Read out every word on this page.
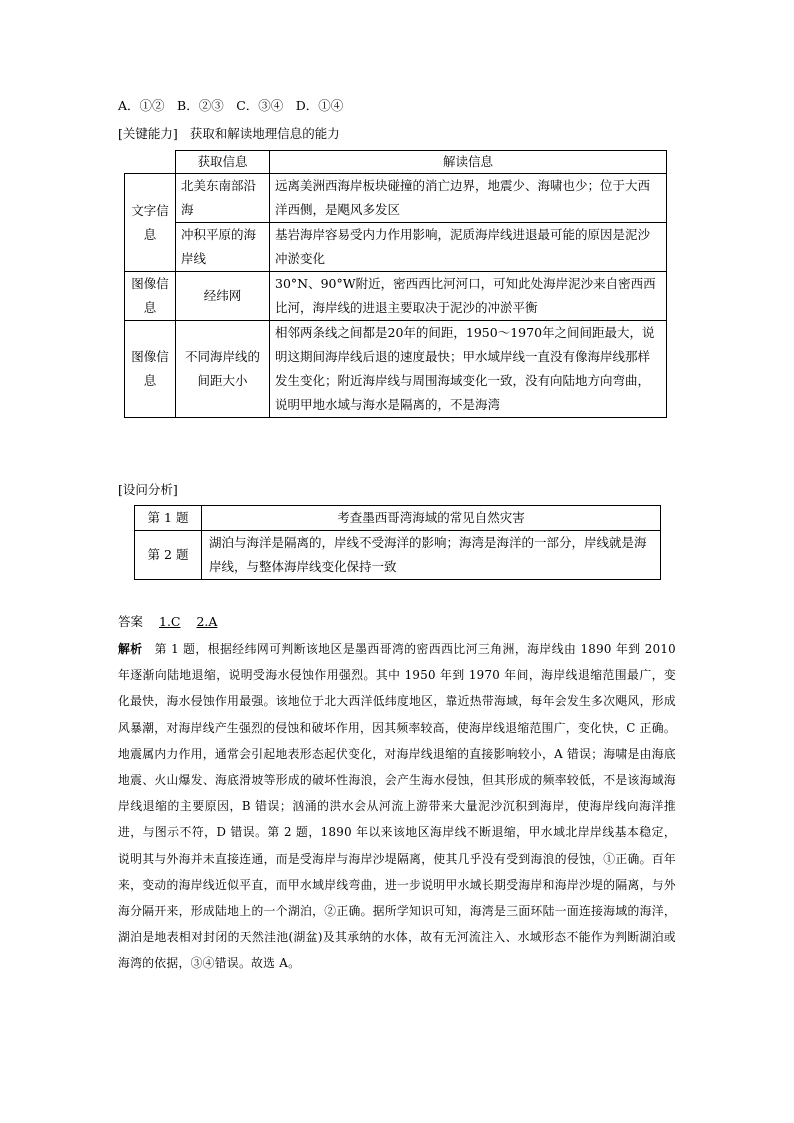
A．①②　B．②③　C．③④　D．①④
[关键能力] 获取和解读地理信息的能力
	获取信息	解读信息
文字信息	北美东南部沿海	远离美洲西海岸板块碰撞的消亡边界，地震少、海啸也少；位于大西洋西侧，是飓风多发区
	冲积平原的海岸线	基岩海岸容易受内力作用影响，泥质海岸线进退最可能的原因是泥沙冲淤变化
图像信息	经纬网	30°N、90°W附近，密西西比河河口，可知此处海岸泥沙来自密西西比河，海岸线的进退主要取决于泥沙的冲淤平衡
图像信息	不同海岸线的间距大小	相邻两条线之间都是20年的间距，1950～1970年之间间距最大，说明这期间海岸线后退的速度最快；甲水域岸线一直没有像海岸线那样发生变化；附近海岸线与周围海域变化一致，没有向陆地方向弯曲，说明甲地水域与海水是隔离的，不是海湾
[设问分析]
第 1 题	考查墨西哥湾海域的常见自然灾害
第 2 题	湖泊与海洋是隔离的，岸线不受海洋的影响；海湾是海洋的一部分，岸线就是海岸线，与整体海岸线变化保持一致
答案 1.C 2.A
解析 第 1 题，根据经纬网可判断该地区是墨西哥湾的密西西比河三角洲，海岸线由 1890 年到 2010 年逐渐向陆地退缩，说明受海水侵蚀作用强烈。其中 1950 年到 1970 年间，海岸线退缩范围最广，变化最快，海水侵蚀作用最强。该地位于北大西洋低纬度地区，靠近热带海域，每年会发生多次飓风，形成风暴潮，对海岸线产生强烈的侵蚀和破坏作用，因其频率较高，使海岸线退缩范围广，变化快，C 正确。地震属内力作用，通常会引起地表形态起伏变化，对海岸线退缩的直接影响较小，A 错误；海啸是由海底地震、火山爆发、海底滑坡等形成的破坏性海浪，会产生海水侵蚀，但其形成的频率较低，不是该海域海岸线退缩的主要原因，B 错误；汹涌的洪水会从河流上游带来大量泥沙沉积到海岸，使海岸线向海洋推进，与图示不符，D 错误。第 2 题，1890 年以来该地区海岸线不断退缩，甲水域北岸岸线基本稳定，说明其与外海并未直接连通，而是受海岸与海岸沙堤隔离，使其几乎没有受到海浪的侵蚀，①正确。百年来，变动的海岸线近似平直，而甲水域岸线弯曲，进一步说明甲水域长期受海岸和海岸沙堤的隔离，与外海分隔开来，形成陆地上的一个湖泊，②正确。据所学知识可知，海湾是三面环陆一面连接海域的海洋，湖泊是地表相对封闭的天然洼池(湖盆)及其承纳的水体，故有无河流注入、水域形态不能作为判断湖泊或海湾的依据，③④错误。故选 A。
